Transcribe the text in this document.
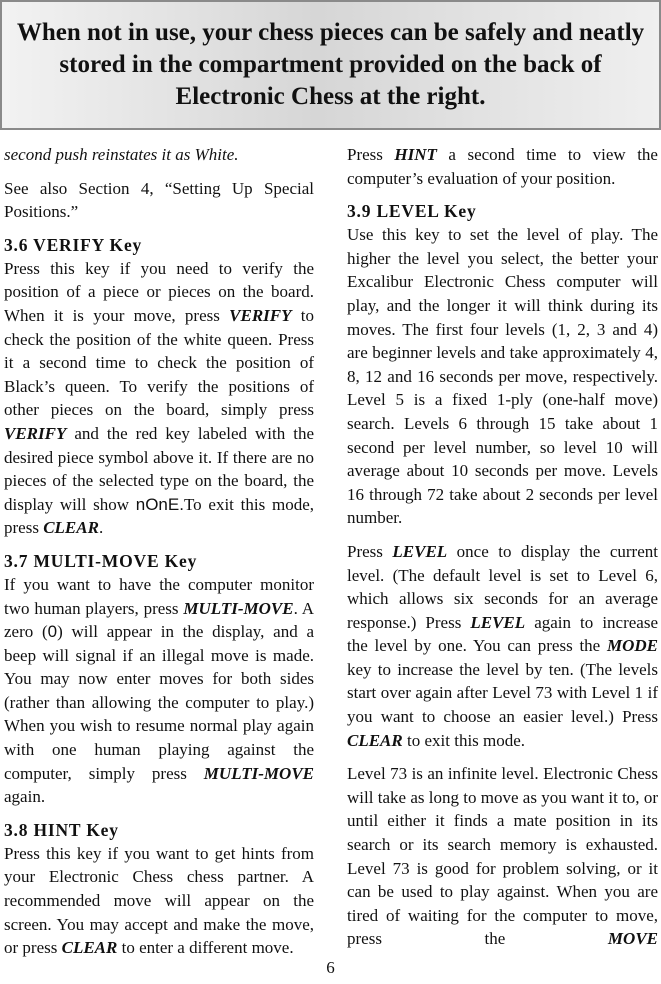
When not in use, your chess pieces can be safely and neatly stored in the compartment provided on the back of Electronic Chess at the right.

second push reinstates it as White.

See also Section 4, “Setting Up Special Positions.”

3.6 VERIFY Key

Press this key if you need to verify the position of a piece or pieces on the board. When it is your move, press VERIFY to check the position of the white queen. Press it a second time to check the position of Black’s queen. To verify the positions of other pieces on the board, simply press VERIFY and the red key labeled with the desired piece symbol above it. If there are no pieces of the selected type on the board, the display will show nOnE.To exit this mode, press CLEAR.

3.7 MULTI-MOVE Key

If you want to have the computer monitor two human players, press MULTI-MOVE. A zero (0) will appear in the display, and a beep will signal if an illegal move is made. You may now enter moves for both sides (rather than allowing the computer to play.) When you wish to resume normal play again with one human playing against the computer, simply press MULTI-MOVE again.

3.8 HINT Key

Press this key if you want to get hints from your Electronic Chess chess partner. A recommended move will appear on the screen. You may accept and make the move, or press CLEAR to enter a different move.

Press HINT a second time to view the computer’s evaluation of your position.

3.9 LEVEL Key

Use this key to set the level of play. The higher the level you select, the better your Excalibur Electronic Chess computer will play, and the longer it will think during its moves. The first four levels (1, 2, 3 and 4) are beginner levels and take approximately 4, 8, 12 and 16 seconds per move, respectively. Level 5 is a fixed 1-ply (one-half move) search. Levels 6 through 15 take about 1 second per level number, so level 10 will average about 10 seconds per move. Levels 16 through 72 take about 2 seconds per level number.

Press LEVEL once to display the current level. (The default level is set to Level 6, which allows six seconds for an average response.) Press LEVEL again to increase the level by one. You can press the MODE key to increase the level by ten. (The levels start over again after Level 73 with Level 1 if you want to choose an easier level.) Press CLEAR to exit this mode.

Level 73 is an infinite level. Electronic Chess will take as long to move as you want it to, or until either it finds a mate position in its search or its search memory is exhausted. Level 73 is good for problem solving, or it can be used to play against. When you are tired of waiting for the computer to move, press the MOVE

6
